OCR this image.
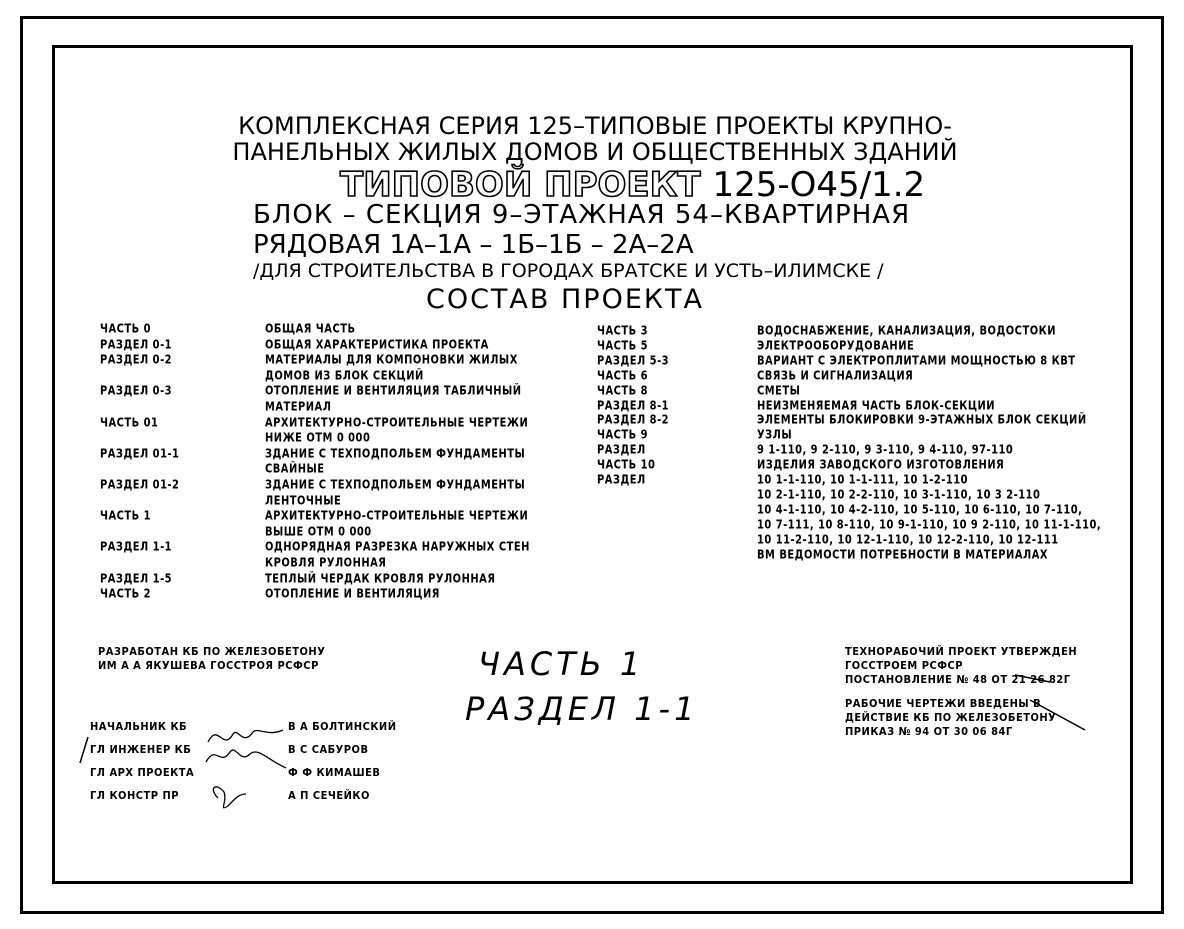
КОМПЛЕКСНАЯ СЕРИЯ 125–ТИПОВЫЕ ПРОЕКТЫ КРУПНО-
ПАНЕЛЬНЫХ ЖИЛЫХ ДОМОВ И ОБЩЕСТВЕННЫХ ЗДАНИЙ
ТИПОВОЙ ПРОЕКТ 125-О45/1.2
БЛОК – СЕКЦИЯ 9–ЭТАЖНАЯ 54–КВАРТИРНАЯ
РЯДОВАЯ 1А–1А – 1Б–1Б – 2А–2А
/ДЛЯ СТРОИТЕЛЬСТВА В ГОРОДАХ БРАТСКЕ И УСТЬ–ИЛИМСКЕ /
СОСТАВ ПРОЕКТА
ЧАСТЬ 0	ОБЩАЯ ЧАСТЬ
РАЗДЕЛ 0-1	ОБЩАЯ ХАРАКТЕРИСТИКА ПРОЕКТА
РАЗДЕЛ 0-2	МАТЕРИАЛЫ ДЛЯ КОМПОНОВКИ ЖИЛЫХ
ДОМОВ ИЗ БЛОК СЕКЦИЙ
РАЗДЕЛ 0-3	ОТОПЛЕНИЕ И ВЕНТИЛЯЦИЯ ТАБЛИЧНЫЙ
МАТЕРИАЛ
ЧАСТЬ 01	АРХИТЕКТУРНО-СТРОИТЕЛЬНЫЕ ЧЕРТЕЖИ
НИЖЕ ОТМ 0 000
РАЗДЕЛ 01-1	ЗДАНИЕ С ТЕХПОДПОЛЬЕМ ФУНДАМЕНТЫ
СВАЙНЫЕ
РАЗДЕЛ 01-2	ЗДАНИЕ С ТЕХПОДПОЛЬЕМ ФУНДАМЕНТЫ
ЛЕНТОЧНЫЕ
ЧАСТЬ 1	АРХИТЕКТУРНО-СТРОИТЕЛЬНЫЕ ЧЕРТЕЖИ
ВЫШЕ ОТМ 0 000
РАЗДЕЛ 1-1	ОДНОРЯДНАЯ РАЗРЕЗКА НАРУЖНЫХ СТЕН
КРОВЛЯ РУЛОННАЯ
РАЗДЕЛ 1-5	ТЕПЛЫЙ ЧЕРДАК КРОВЛЯ РУЛОННАЯ
ЧАСТЬ 2	ОТОПЛЕНИЕ И ВЕНТИЛЯЦИЯ
ЧАСТЬ 3	ВОДОСНАБЖЕНИЕ, КАНАЛИЗАЦИЯ, ВОДОСТОКИ
ЧАСТЬ 5	ЭЛЕКТРООБОРУДОВАНИЕ
РАЗДЕЛ 5-3	ВАРИАНТ С ЭЛЕКТРОПЛИТАМИ МОЩНОСТЬЮ 8 КВТ
ЧАСТЬ 6	СВЯЗЬ И СИГНАЛИЗАЦИЯ
ЧАСТЬ 8	СМЕТЫ
РАЗДЕЛ 8-1	НЕИЗМЕНЯЕМАЯ ЧАСТЬ БЛОК-СЕКЦИИ
РАЗДЕЛ 8-2	ЭЛЕМЕНТЫ БЛОКИРОВКИ 9-ЭТАЖНЫХ БЛОК СЕКЦИЙ
ЧАСТЬ 9	УЗЛЫ
РАЗДЕЛ	9 1-110, 9 2-110, 9 3-110, 9 4-110, 97-110
ЧАСТЬ 10	ИЗДЕЛИЯ ЗАВОДСКОГО ИЗГОТОВЛЕНИЯ
РАЗДЕЛ	10 1-1-110, 10 1-1-111, 10 1-2-110
10 2-1-110, 10 2-2-110, 10 3-1-110, 10 3 2-110
10 4-1-110, 10 4-2-110, 10 5-110, 10 6-110, 10 7-110,
10 7-111, 10 8-110, 10 9-1-110, 10 9 2-110, 10 11-1-110,
10 11-2-110, 10 12-1-110, 10 12-2-110, 10 12-111
ВМ ВЕДОМОСТИ ПОТРЕБНОСТИ В МАТЕРИАЛАХ
РАЗРАБОТАН КБ ПО ЖЕЛЕЗОБЕТОНУ
ИМ А А ЯКУШЕВА ГОССТРОЯ РСФСР	ЧАСТЬ 1
РАЗДЕЛ 1-1
ТЕХНОРАБОЧИЙ ПРОЕКТ УТВЕРЖДЕН
ГОССТРОЕМ РСФСР
ПОСТАНОВЛЕНИЕ № 48 ОТ 21 26 82Г
РАБОЧИЕ ЧЕРТЕЖИ ВВЕДЕНЫ В
ДЕЙСТВИЕ КБ ПО ЖЕЛЕЗОБЕТОНУ
ПРИКАЗ № 94 ОТ 30 06 84Г
НАЧАЛЬНИК КБ	В А БОЛТИНСКИЙ
ГЛ ИНЖЕНЕР КБ	В С САБУРОВ
ГЛ АРХ ПРОЕКТА	Ф Ф КИМАШЕВ
ГЛ КОНСТР ПР	А П СЕЧЕЙКО
